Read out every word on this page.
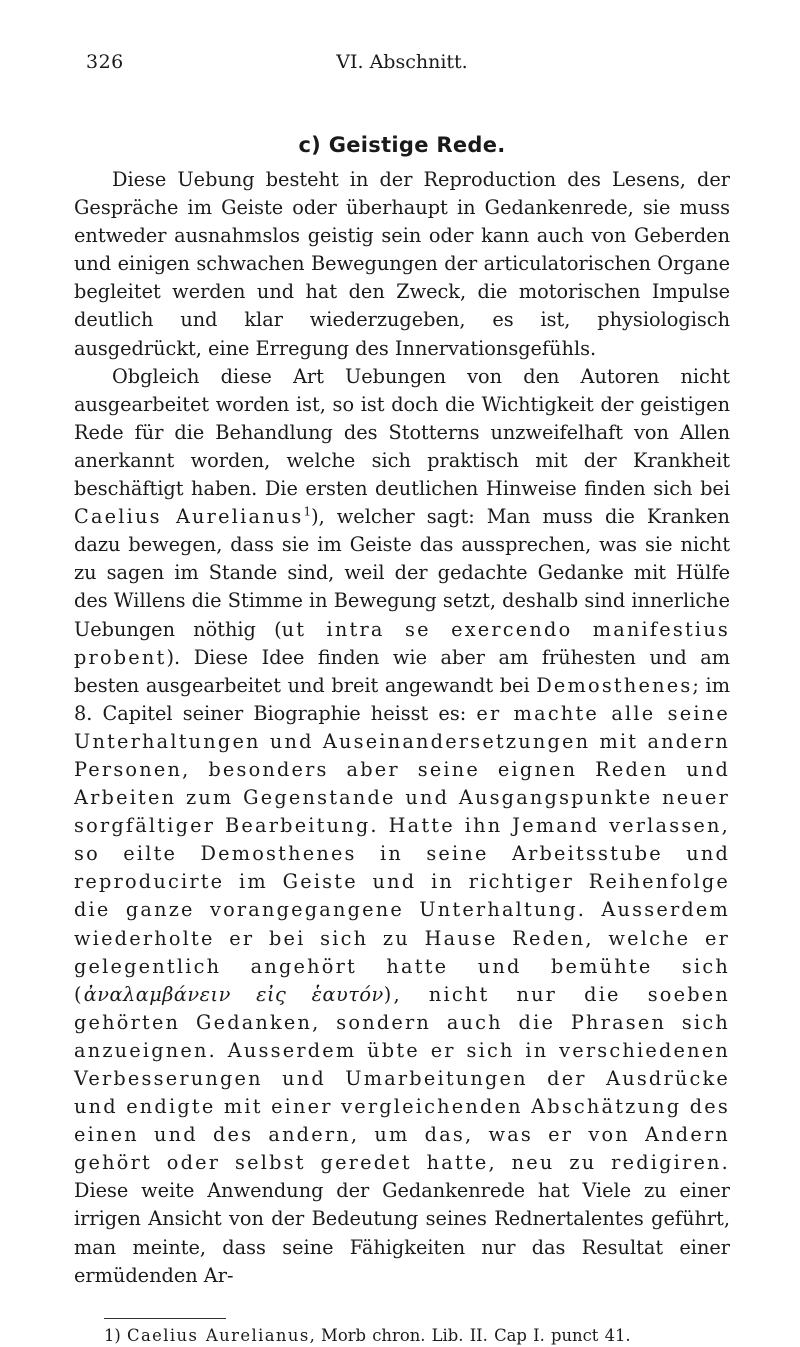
326	VI. Abschnitt.
c) Geistige Rede.

Diese Uebung besteht in der Reproduction des Lesens, der Gespräche im Geiste oder überhaupt in Gedankenrede, sie muss entweder ausnahmslos geistig sein oder kann auch von Geberden und einigen schwachen Bewegungen der articulatorischen Organe begleitet werden und hat den Zweck, die motorischen Impulse deutlich und klar wiederzugeben, es ist, physiologisch ausgedrückt, eine Erregung des Innervationsgefühls.

Obgleich diese Art Uebungen von den Autoren nicht ausgearbeitet worden ist, so ist doch die Wichtigkeit der geistigen Rede für die Behandlung des Stotterns unzweifelhaft von Allen anerkannt worden, welche sich praktisch mit der Krankheit beschäftigt haben. Die ersten deutlichen Hinweise finden sich bei Caelius Aurelianus$^1$), welcher sagt: Man muss die Kranken dazu bewegen, dass sie im Geiste das aussprechen, was sie nicht zu sagen im Stande sind, weil der gedachte Gedanke mit Hülfe des Willens die Stimme in Bewegung setzt, deshalb sind innerliche Uebungen nöthig (ut intra se exercendo manifestius probent). Diese Idee finden wie aber am frühesten und am besten ausgearbeitet und breit angewandt bei Demosthenes; im 8. Capitel seiner Biographie heisst es: er machte alle seine Unterhaltungen und Auseinandersetzungen mit andern Personen, besonders aber seine eignen Reden und Arbeiten zum Gegenstande und Ausgangspunkte neuer sorgfältiger Bearbeitung. Hatte ihn Jemand verlassen, so eilte Demosthenes in seine Arbeitsstube und reproducirte im Geiste und in richtiger Reihenfolge die ganze vorangegangene Unterhaltung. Ausserdem wiederholte er bei sich zu Hause Reden, welche er gelegentlich angehört hatte und bemühte sich (ἀναλαμβάνειν εἰς ἑαυτόν), nicht nur die soeben gehörten Gedanken, sondern auch die Phrasen sich anzueignen. Ausserdem übte er sich in verschiedenen Verbesserungen und Umarbeitungen der Ausdrücke und endigte mit einer vergleichenden Abschätzung des einen und des andern, um das, was er von Andern gehört oder selbst geredet hatte, neu zu redigiren. Diese weite Anwendung der Gedankenrede hat Viele zu einer irrigen Ansicht von der Bedeutung seines Rednertalentes geführt, man meinte, dass seine Fähigkeiten nur das Resultat einer ermüdenden Ar-

1) Caelius Aurelianus, Morb chron. Lib. II. Cap I. punct 41.
